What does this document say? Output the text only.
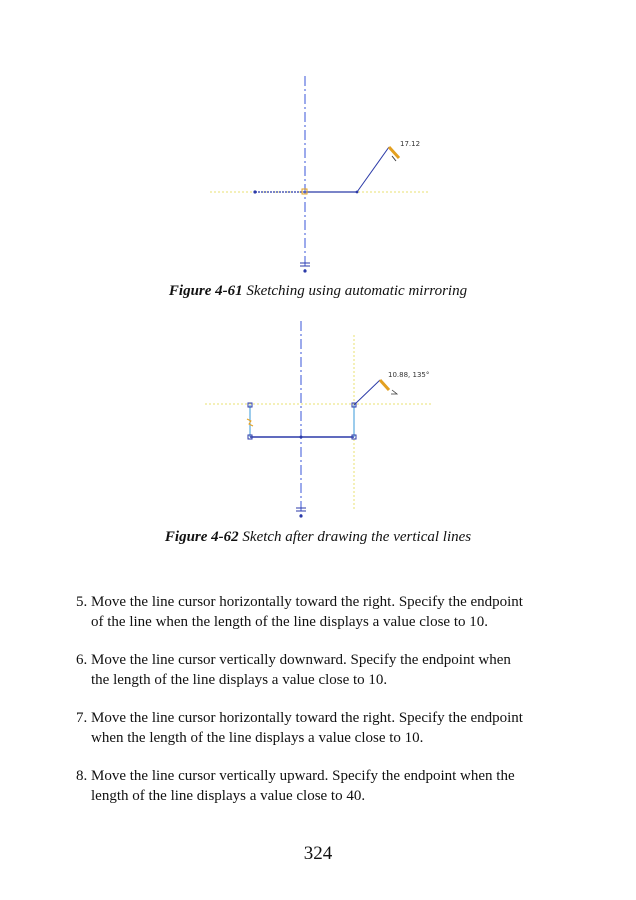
17.12
Figure 4-61 Sketching using automatic mirroring
10.88, 135°
Figure 4-62 Sketch after drawing the vertical lines
5. Move the line cursor horizontally toward the right. Specify the endpoint
of the line when the length of the line displays a value close to 10.
6. Move the line cursor vertically downward. Specify the endpoint when
the length of the line displays a value close to 10.
7. Move the line cursor horizontally toward the right. Specify the endpoint
when the length of the line displays a value close to 10.
8. Move the line cursor vertically upward. Specify the endpoint when the
length of the line displays a value close to 40.
324
